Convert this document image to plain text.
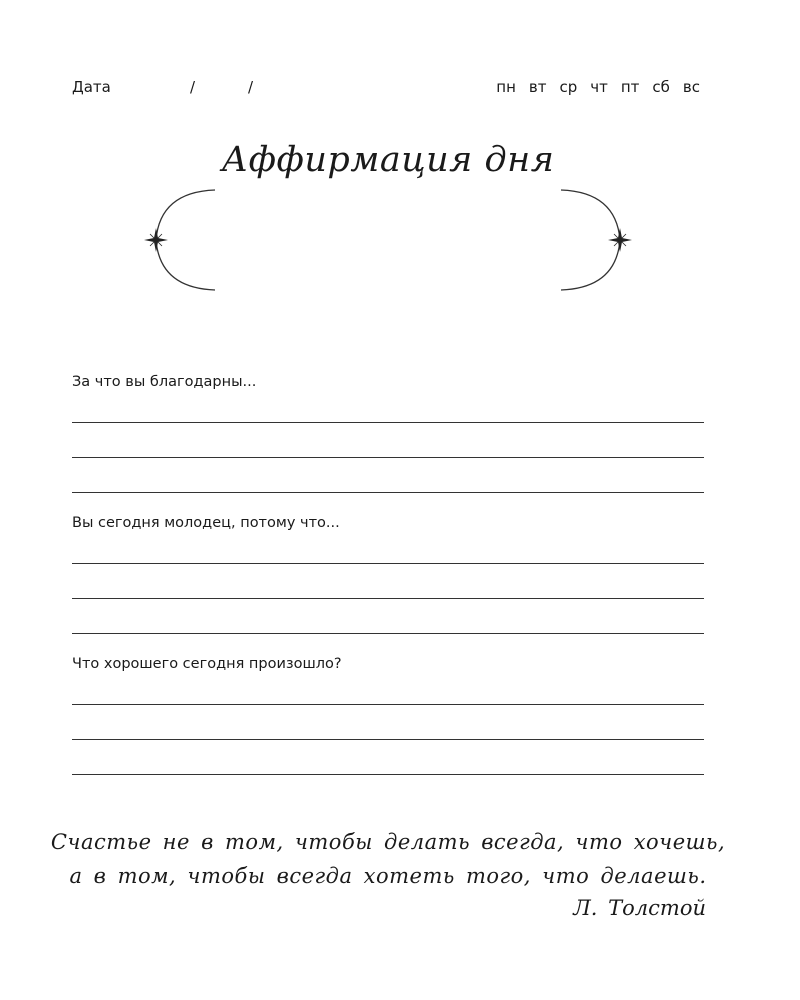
Дата	/	/	пн вт ср чт пт сб вс
Аффирмация дня
За что вы благодарны...
Вы сегодня молодец, потому что...
Что хорошего сегодня произошло?
Счастье не в том, чтобы делать всегда, что хочешь,
а в том, чтобы всегда хотеть того, что делаешь.
Л. Толстой
